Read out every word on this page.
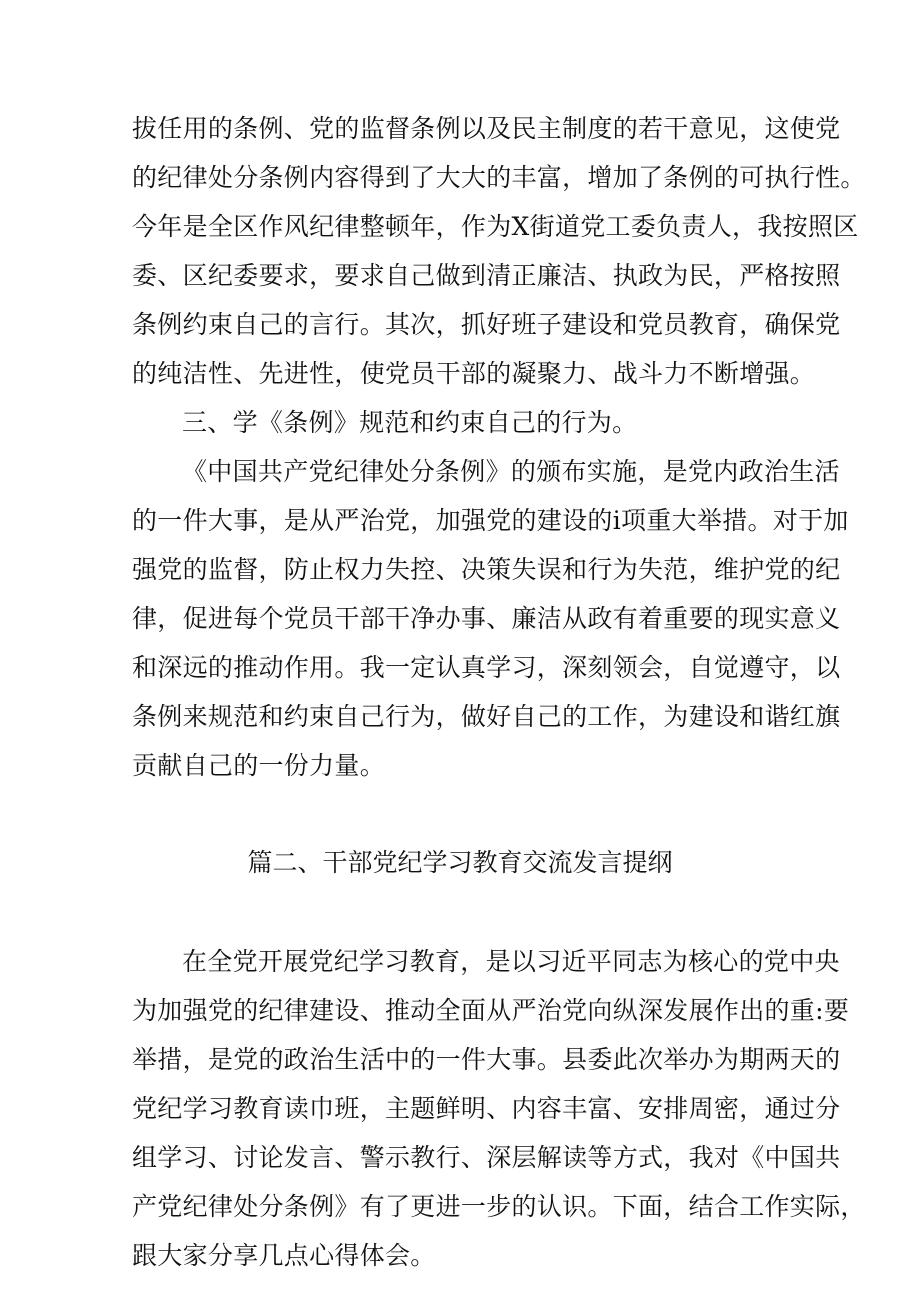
拔任用的条例、党的监督条例以及民主制度的若干意见，这使党
的纪律处分条例内容得到了大大的丰富，增加了条例的可执行性。
今年是全区作风纪律整顿年，作为X街道党工委负责人，我按照区
委、区纪委要求，要求自己做到清正廉洁、执政为民，严格按照
条例约束自己的言行。其次，抓好班子建设和党员教育，确保党
的纯洁性、先进性，使党员干部的凝聚力、战斗力不断增强。
三、学《条例》规范和约束自己的行为。
《中国共产党纪律处分条例》的颁布实施，是党内政治生活
的一件大事，是从严治党，加强党的建设的i项重大举措。对于加
强党的监督，防止权力失控、决策失误和行为失范，维护党的纪
律，促进每个党员干部干净办事、廉洁从政有着重要的现实意义
和深远的推动作用。我一定认真学习，深刻领会，自觉遵守，以
条例来规范和约束自己行为，做好自己的工作，为建设和谐红旗
贡献自己的一份力量。
篇二、干部党纪学习教育交流发言提纲
在全党开展党纪学习教育，是以习近平同志为核心的党中央
为加强党的纪律建设、推动全面从严治党向纵深发展作出的重:要
举措，是党的政治生活中的一件大事。县委此次举办为期两天的
党纪学习教育读巾班，主题鲜明、内容丰富、安排周密，通过分
组学习、讨论发言、警示教行、深层解读等方式，我对《中国共
产党纪律处分条例》有了更进一步的认识。下面，结合工作实际，
跟大家分享几点心得体会。
